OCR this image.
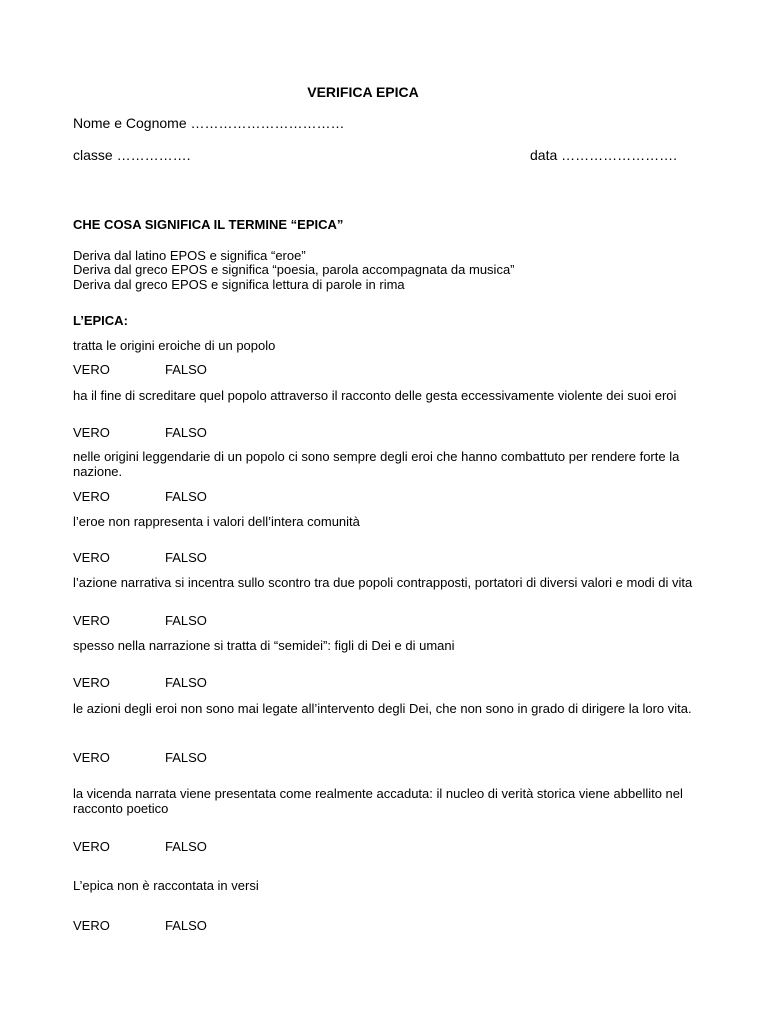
VERIFICA EPICA
Nome e Cognome ……………………………
classe …………….	data …………………….
CHE COSA SIGNIFICA IL TERMINE “EPICA”
Deriva dal latino EPOS e significa “eroe”
Deriva dal greco EPOS e significa “poesia, parola accompagnata da musica”
Deriva dal greco EPOS e significa lettura di parole in rima
L’EPICA:
tratta le origini eroiche di un popolo
VERO	FALSO
ha il fine di screditare quel popolo attraverso il racconto delle gesta eccessivamente violente dei suoi eroi
VERO	FALSO
nelle origini leggendarie di un popolo ci sono sempre degli eroi che hanno combattuto per rendere forte la nazione.
VERO	FALSO
l’eroe non rappresenta i valori dell’intera comunità
VERO	FALSO
l’azione narrativa si incentra sullo scontro tra due popoli contrapposti, portatori di diversi valori e modi di vita
VERO	FALSO
spesso nella narrazione si tratta di “semidei”: figli di Dei e di umani
VERO	FALSO
le azioni degli eroi non sono mai legate all’intervento degli Dei, che non sono in grado di dirigere la loro vita.
VERO	FALSO
la vicenda narrata viene presentata come realmente accaduta: il nucleo di verità storica viene abbellito nel racconto poetico
VERO	FALSO
L’epica non è raccontata in versi
VERO	FALSO
